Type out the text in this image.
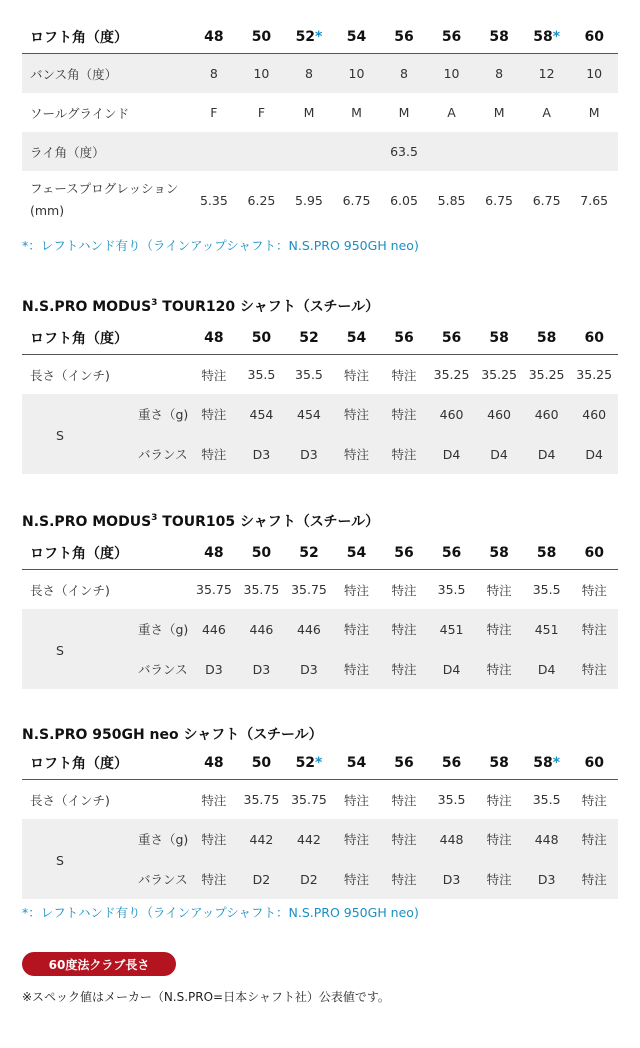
ロフト角（度）	48	50	52*	54	56	56	58	58*	60
バンス角（度）	8	10	8	10	8	10	8	12	10
ソールグラインド	F	F	M	M	M	A	M	A	M
ライ角（度）					63.5				
フェースプログレッション (mm)	5.35	6.25	5.95	6.75	6.05	5.85	6.75	6.75	7.65
*：レフトハンド有り（ラインアップシャフト：N.S.PRO 950GH neo)
N.S.PRO MODUS$^3$ TOUR120 シャフト（スチール）
ロフト角（度）	48	50	52	54	56	56	58	58	60
長さ（インチ)	特注	35.5	35.5	特注	特注	35.25	35.25	35.25	35.25
S重さ（g)	特注	454	454	特注	特注	460	460	460	460
バランス	特注	D3	D3	特注	特注	D4	D4	D4	D4
N.S.PRO MODUS$^3$ TOUR105 シャフト（スチール）
ロフト角（度）	48	50	52	54	56	56	58	58	60
長さ（インチ)	35.75	35.75	35.75	特注	特注	35.5	特注	35.5	特注
S重さ（g)	446	446	446	特注	特注	451	特注	451	特注
バランス	D3	D3	D3	特注	特注	D4	特注	D4	特注
N.S.PRO 950GH neo シャフト（スチール）
ロフト角（度）	48	50	52*	54	56	56	58	58*	60
長さ（インチ)	特注	35.75	35.75	特注	特注	35.5	特注	35.5	特注
S重さ（g)	特注	442	442	特注	特注	448	特注	448	特注
バランス	特注	D2	D2	特注	特注	D3	特注	D3	特注
*：レフトハンド有り（ラインアップシャフト：N.S.PRO 950GH neo)
60度法クラブ長さ
※スペック値はメーカー（N.S.PRO=日本シャフト社）公表値です。
